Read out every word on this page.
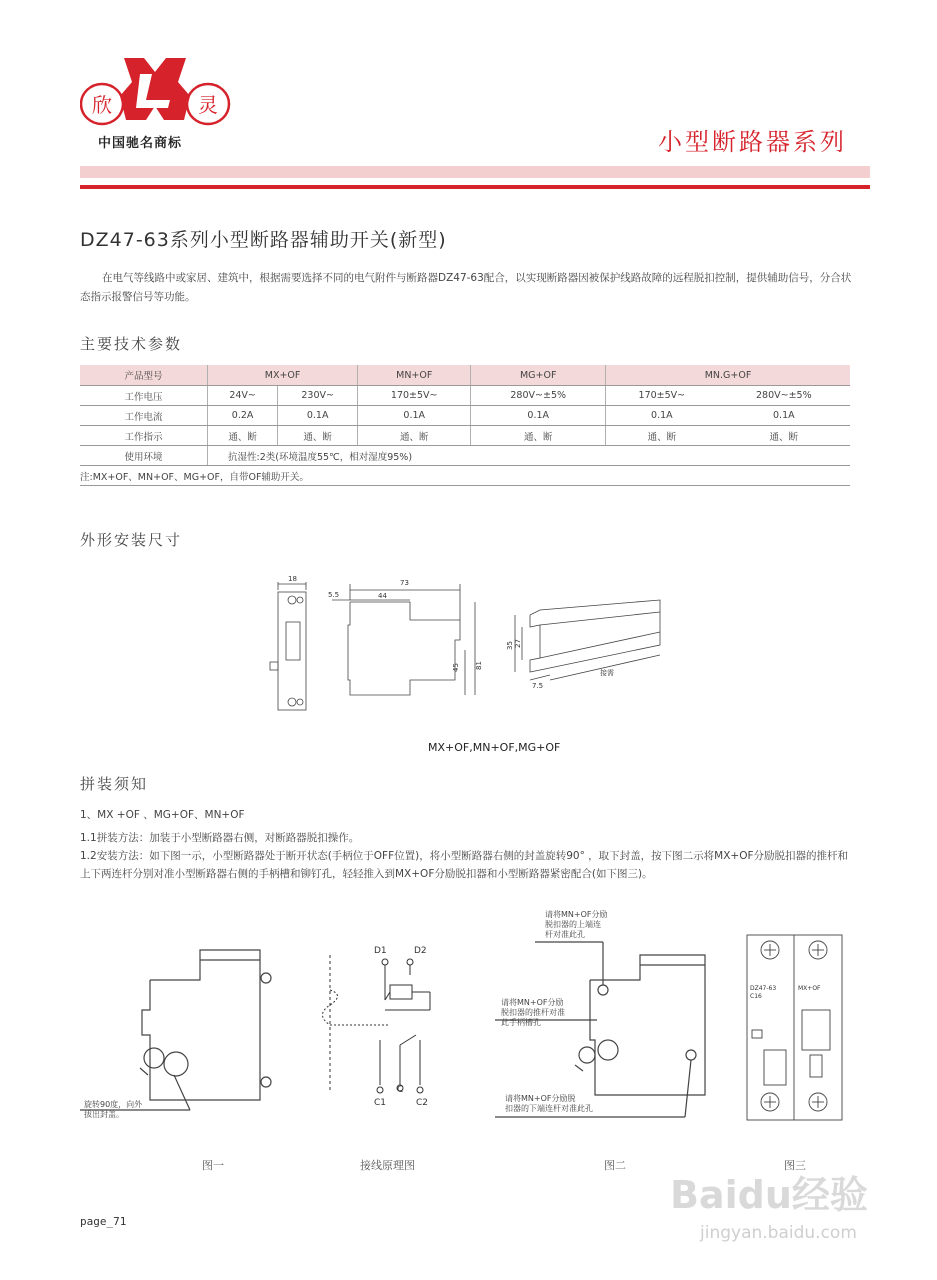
欣	灵
中国驰名商标	小型断路器系列
DZ47-63系列小型断路器辅助开关(新型)
在电气等线路中或家居、建筑中，根据需要选择不同的电气附件与断路器DZ47-63配合，以实现断路器因被保护线路故障的远程脱扣控制，提供辅助信号，分合状态指示报警信号等功能。
主要技术参数
产品型号	MX+OF		MN+OF	MG+OF	MN.G+OF	
工作电压	24V~	230V~	170±5V~	280V~±5%	170±5V~	280V~±5%
工作电流	0.2A	0.1A	0.1A	0.1A	0.1A	0.1A
工作指示	通、断	通、断	通、断	通、断	通、断	通、断
使用环境	抗湿性:2类(环境温度55℃，相对湿度95%)					
注:MX+OF、MN+OF、MG+OF，自带OF辅助开关。						
外形安装尺寸
18	73
44
5.5
45 81
35 27
7.5
接需
MX+OF,MN+OF,MG+OF
拼装须知
1、MX +OF 、MG+OF、MN+OF
1.1拼装方法：加装于小型断路器右侧，对断路器脱扣操作。
1.2安装方法：如下图一示，小型断路器处于断开状态(手柄位于OFF位置)，将小型断路器右侧的封盖旋转90° ，取下封盖，按下图二示将MX+OF分励脱扣器的推杆和上下两连杆分别对准小型断路器右侧的手柄槽和铆钉孔，轻轻推入到MX+OF分励脱扣器和小型断路器紧密配合(如下图三)。
旋转90度，向外
拔出封盖。
D1	D2
C1
C
C2
请将MN+OF分励
脱扣器的上端连
杆对准此孔
请将MN+OF分励
脱扣器的推杆对准
此手柄槽孔
请将MN+OF分励脱
扣器的下端连杆对准此孔
DZ47-63
C16
MX+OF
图一	接线原理图	图二	图三
page_71
Baidu经验
jingyan.baidu.com
